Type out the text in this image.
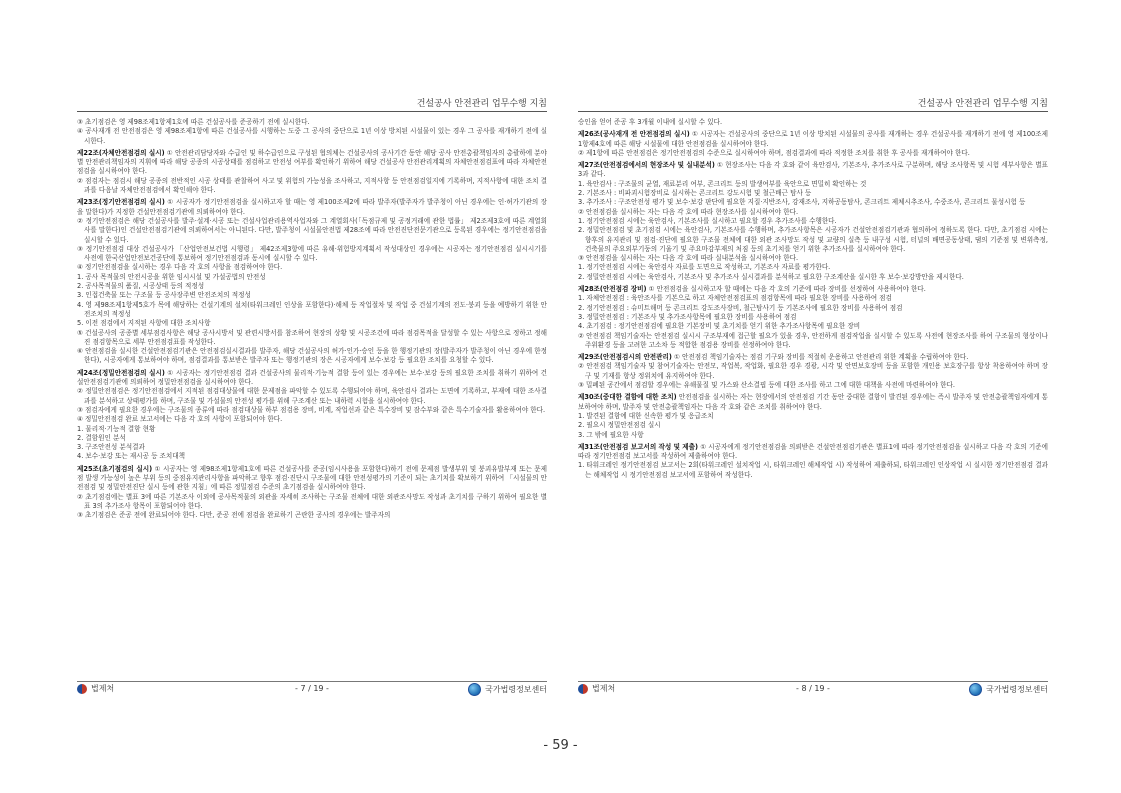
건설공사 안전관리 업무수행 지침

③ 초기점검은 영 제98조제1항제1호에 따른 건설공사를 준공하기 전에 실시한다.

④ 공사재개 전 안전점검은 영 제98조제1항에 따른 건설공사를 시행하는 도중 그 공사의 중단으로 1년 이상 방치된 시설물이 있는 경우 그 공사를 재개하기 전에 실시한다.

제22조(자체안전점검의 실시) ① 안전관리담당자와 수급인 및 하수급인으로 구성된 협의체는 건설공사의 공사기간 동안 해당 공사 안전총괄책임자의 총괄하에 분야별 안전관리책임자의 지휘에 따라 해당 공종의 시공상태를 점검하고 안전성 여부를 확인하기 위하여 해당 건설공사 안전관리계획의 자체안전점검표에 따라 자체안전점검을 실시하여야 한다.

② 점검자는 점검시 해당 공종의 전반적인 시공 상태를 관찰하여 사고 및 위험의 가능성을 조사하고, 지적사항 등 안전점검일지에 기록하며, 지적사항에 대한 조치 결과를 다음날 자체안전점검에서 확인해야 한다.

제23조(정기안전점검의 실시) ① 시공자가 정기안전점검을 실시하고자 할 때는 영 제100조제2에 따라 발주자(발주자가 발주청이 아닌 경우에는 인·허가기관의 장을 말한다)가 지정한 건설안전점검기관에 의뢰하여야 한다.

② 정기안전점검은 해당 건설공사를 발주·설계·시공 또는 건설사업관리용역사업자와 그 계열회사(「독점규제 및 공정거래에 관한 법률」 제2조제3호에 따른 계열회사를 말한다)인 건설안전점검기관에 의뢰하여서는 아니된다. 다만, 발주청이 시설물안전법 제28조에 따라 안전진단전문기관으로 등록된 경우에는 정기안전점검을 실시할 수 있다.

③ 정기안전점검 대상 건설공사가 「산업안전보건법 시행령」 제42조제3항에 따른 유해·위험방지계획서 작성대상인 경우에는 시공자는 정기안전점검 실시시기를 사전에 한국산업안전보건공단에 통보하여 정기안전점검과 동시에 실시할 수 있다.

④ 정기안전점검을 실시하는 경우 다음 각 호의 사항을 점검하여야 한다.

1. 공사 목적물의 안전시공을 위한 임시시설 및 가설공법의 안전성

2. 공사목적물의 품질, 시공상태 등의 적정성

3. 인접건축물 또는 구조물 등 공사장주변 안전조치의 적정성

4. 영 제98조제1항제5호가 목에 해당하는 건설기계의 설치(타워크레인 인상을 포함한다)·해체 등 작업절차 및 작업 중 건설기계의 전도·붕괴 등을 예방하기 위한 안전조치의 적정성

5. 이전 점검에서 지적된 사항에 대한 조치사항

⑤ 건설공사의 공종별 세부점검사항은 해당 공사시방서 및 관련시방서를 참조하여 현장의 상황 및 시공조건에 따라 점검목적을 달성할 수 있는 사항으로 정하고 정해진 점검항목으로 세부 안전점검표를 작성한다.

⑥ 안전점검을 실시한 건설안전점검기관은 안전점검실시결과를 발주자, 해당 건설공사의 허가·인가·승인 등을 한 행정기관의 장(발주자가 발주청이 아닌 경우에 한정한다), 시공자에게 통보하여야 하며, 점검결과를 통보받은 발주자 또는 행정기관의 장은 시공자에게 보수·보강 등 필요한 조치를 요청할 수 있다.

제24조(정밀안전점검의 실시) ① 시공자는 정기안전점검 결과 건설공사의 물리적·기능적 결함 등이 있는 경우에는 보수·보강 등의 필요한 조치를 취하기 위하여 건설안전점검기관에 의뢰하여 정밀안전점검을 실시하여야 한다.

② 정밀안전점검은 정기안전점검에서 지적된 점검대상물에 대한 문제점을 파악할 수 있도록 수행되어야 하며, 육안검사 결과는 도면에 기록하고, 부재에 대한 조사결과를 분석하고 상태평가를 하며, 구조물 및 가설물의 안전성 평가를 위해 구조계산 또는 내하력 시험을 실시하여야 한다.

③ 점검자에게 필요한 경우에는 구조물의 종류에 따라 점검대상물 하부 점검용 장비, 비계, 작업선과 같은 특수장비 및 잠수부와 같은 특수기술자를 활용하여야 한다.

④ 정밀안전점검 완료 보고서에는 다음 각 호의 사항이 포함되어야 한다.

1. 물리적·기능적 결함 현황

2. 결함원인 분석

3. 구조안전성 분석결과

4. 보수·보강 또는 재시공 등 조치대책

제25조(초기점검의 실시) ① 시공자는 영 제98조제1항제1호에 따른 건설공사를 준공(임시사용을 포함한다)하기 전에 문제점 발생부위 및 붕괴유발부재 또는 문제점 발생 가능성이 높은 부위 등의 중점유지관리사항을 파악하고 향후 점검·진단시 구조물에 대한 안전성평가의 기준이 되는 초기치를 확보하기 위하여 「시설물의 안전점검 및 정밀안전진단 실시 등에 관한 지침」에 따른 정밀점검 수준의 초기점검을 실시하여야 한다.

② 초기점검에는 별표 3에 따른 기본조사 이외에 공사목적물의 외관을 자세히 조사하는 구조물 전체에 대한 외관조사망도 작성과 초기치를 구하기 위하여 필요한 별표 3의 추가조사 항목이 포함되어야 한다.

③ 초기점검은 준공 전에 완료되어야 한다. 다만, 준공 전에 점검을 완료하기 곤란한 공사의 경우에는 발주자의

법제처	- 7 / 19 -	국가법령정보센터
건설공사 안전관리 업무수행 지침

승인을 얻어 준공 후 3개월 이내에 실시할 수 있다.

제26조(공사재개 전 안전점검의 실시) ① 시공자는 건설공사의 중단으로 1년 이상 방치된 시설물의 공사를 재개하는 경우 건설공사를 재개하기 전에 영 제100조제1항제4호에 따른 해당 시설물에 대한 안전점검을 실시하여야 한다.

② 제1항에 따른 안전점검은 정기안전점검의 수준으로 실시하여야 하며, 점검결과에 따라 적정한 조치를 취한 후 공사를 재개하여야 한다.

제27조(안전점검에서의 현장조사 및 실내분석) ① 현장조사는 다음 각 호와 같이 육안검사, 기본조사, 추가조사로 구분하며, 해당 조사항목 및 시험 세부사항은 별표 3과 같다.

1. 육안검사 : 구조물의 균열, 재료분리 여부, 콘크리트 등의 발생여부를 육안으로 면밀히 확인하는 것

2. 기본조사 : 비파괴시험장비로 실시하는 콘크리트 강도시험 및 철근배근 탐사 등

3. 추가조사 : 구조안전성 평가 및 보수·보강 판단에 필요한 지질·지반조사, 강재조사, 지하공동탐사, 콘크리트 제체시추조사, 수중조사, 콘크리트 물성시험 등

② 안전점검을 실시하는 자는 다음 각 호에 따라 현장조사를 실시하여야 한다.

1. 정기안전점검 시에는 육안검사, 기본조사를 실시하고 필요할 경우 추가조사를 수행한다.

2. 정밀안전점검 및 초기점검 시에는 육안검사, 기본조사를 수행하며, 추가조사항목은 시공자가 건설안전점검기관과 협의하여 정하도록 한다. 다만, 초기점검 시에는 향후의 유지관리 및 점검·진단에 필요한 구조물 전체에 대한 외관 조사망도 작성 및 교량의 실측 등 내구성 시험, 터널의 배면공동상태, 댐의 기준점 및 변위측정, 건축물의 주요외부기둥의 기울기 및 주요마감부재의 처짐 등의 초기치를 얻기 위한 추가조사를 실시하여야 한다.

③ 안전점검을 실시하는 자는 다음 각 호에 따라 실내분석을 실시하여야 한다.

1. 정기안전점검 시에는 육안검사 자료를 도면으로 작성하고, 기본조사 자료를 평가한다.

2. 정밀안전점검 시에는 육안검사, 기본조사 및 추가조사 실시결과를 분석하고 필요한 구조계산을 실시한 후 보수·보강방안을 제시한다.

제28조(안전점검 장비) ① 안전점검을 실시하고자 할 때에는 다음 각 호의 기준에 따라 장비를 선정하여 사용하여야 한다.

1. 자체안전점검 : 육안조사를 기본으로 하고 자체안전점검표의 점검항목에 따라 필요한 장비를 사용하여 점검

2. 정기안전점검 : 슈미트해머 등 콘크리트 강도조사장비, 철근탐사기 등 기본조사에 필요한 장비를 사용하여 점검

3. 정밀안전점검 : 기본조사 및 추가조사항목에 필요한 장비를 사용하여 점검

4. 초기점검 : 정기안전점검에 필요한 기본장비 및 초기치를 얻기 위한 추가조사항목에 필요한 장비

② 안전점검 책임기술자는 안전점검 실시시 구조부재에 접근할 필요가 있을 경우, 안전하게 점검작업을 실시할 수 있도록 사전에 현장조사를 하여 구조물의 형상이나 주위환경 등을 고려한 고소차 등 적합한 점검용 장비를 선정하여야 한다.

제29조(안전점검시의 안전관리) ① 안전점검 책임기술자는 점검 기구와 장비를 적절히 운용하고 안전관리 위한 계획을 수립하여야 한다.

② 안전점검 책임기술자 및 참여기술자는 안전모, 작업복, 작업화, 필요한 경우 경광, 시각 및 안면보호장비 등을 포함한 개인용 보호장구를 항상 착용하여야 하며 장구 및 기재를 항상 정위치에 유지하여야 한다.

③ 밀폐된 공간에서 점검할 경우에는 유해물질 및 가스와 산소결핍 등에 대한 조사를 하고 그에 대한 대책을 사전에 마련하여야 한다.

제30조(중대한 결함에 대한 조치) 안전점검을 실시하는 자는 현장에서의 안전점검 기간 동안 중대한 결함이 발견된 경우에는 즉시 발주자 및 안전총괄책임자에게 통보하여야 하며, 발주자 및 안전총괄책임자는 다음 각 호와 같은 조치를 취하여야 한다.

1. 발견된 결함에 대한 신속한 평가 및 응급조치

2. 필요시 정밀안전점검 실시

3. 그 밖에 필요한 사항

제31조(안전점검 보고서의 작성 및 제출) ① 시공자에게 정기안전점검을 의뢰받은 건설안전점검기관은 별표1에 따라 정기안전점검을 실시하고 다음 각 호의 기준에 따라 정기안전점검 보고서를 작성하여 제출하여야 한다.

1. 타워크레인 정기안전점검 보고서는 2회(타워크레인 설치작업 시, 타워크레인 해체작업 시) 작성하여 제출하되, 타워크레인 인상작업 시 실시한 정기안전점검 결과는 해체작업 시 정기안전점검 보고서에 포함하여 작성한다.

법제처	- 8 / 19 -	국가법령정보센터
- 59 -
